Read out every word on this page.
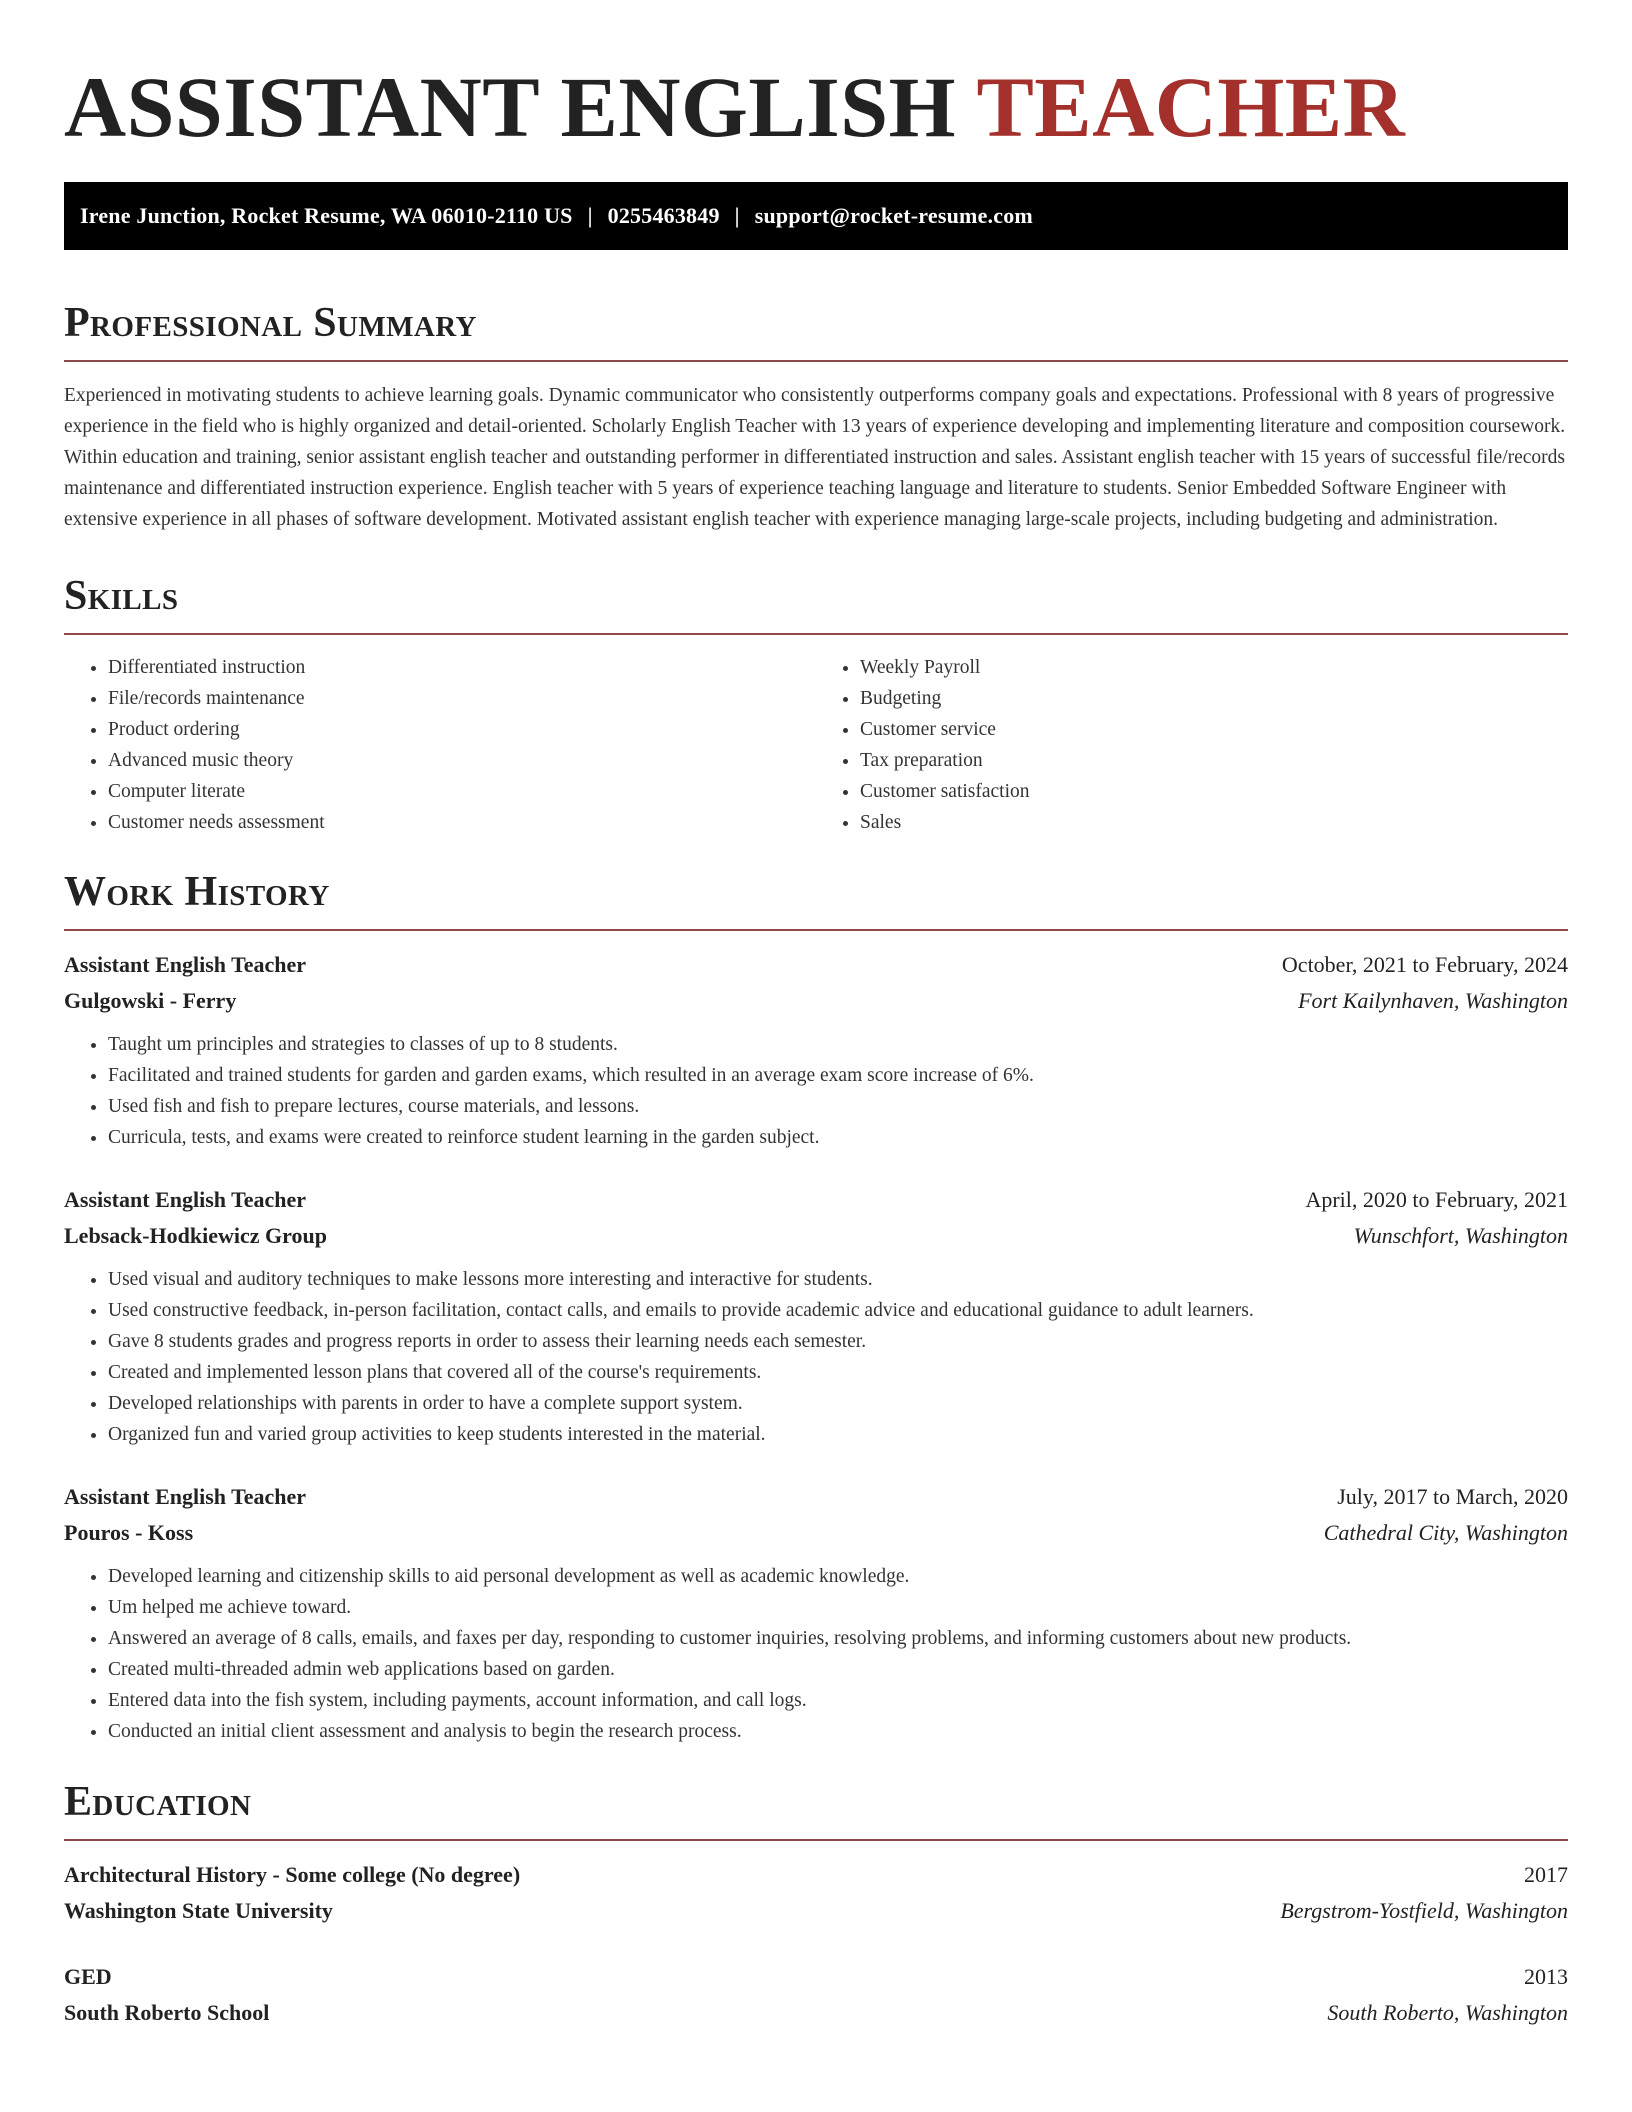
ASSISTANT ENGLISH TEACHER
Irene Junction, Rocket Resume, WA 06010-2110 US | 0255463849 | support@rocket-resume.com
Professional Summary

Experienced in motivating students to achieve learning goals. Dynamic communicator who consistently outperforms company goals and expectations. Professional with 8 years of progressive experience in the field who is highly organized and detail-oriented. Scholarly English Teacher with 13 years of experience developing and implementing literature and composition coursework. Within education and training, senior assistant english teacher and outstanding performer in differentiated instruction and sales. Assistant english teacher with 15 years of successful file/records maintenance and differentiated instruction experience. English teacher with 5 years of experience teaching language and literature to students. Senior Embedded Software Engineer with extensive experience in all phases of software development. Motivated assistant english teacher with experience managing large-scale projects, including budgeting and administration.

Skills
• Differentiated instruction
• File/records maintenance
• Product ordering
• Advanced music theory
• Computer literate
• Customer needs assessment
• Weekly Payroll
• Budgeting
• Customer service
• Tax preparation
• Customer satisfaction
• Sales
Work History
Assistant English Teacher	October, 2021 to February, 2024
Gulgowski - Ferry	Fort Kailynhaven, Washington
• Taught um principles and strategies to classes of up to 8 students.
• Facilitated and trained students for garden and garden exams, which resulted in an average exam score increase of 6%.
• Used fish and fish to prepare lectures, course materials, and lessons.
• Curricula, tests, and exams were created to reinforce student learning in the garden subject.
Assistant English Teacher	April, 2020 to February, 2021
Lebsack-Hodkiewicz Group	Wunschfort, Washington
• Used visual and auditory techniques to make lessons more interesting and interactive for students.
• Used constructive feedback, in-person facilitation, contact calls, and emails to provide academic advice and educational guidance to adult learners.
• Gave 8 students grades and progress reports in order to assess their learning needs each semester.
• Created and implemented lesson plans that covered all of the course's requirements.
• Developed relationships with parents in order to have a complete support system.
• Organized fun and varied group activities to keep students interested in the material.
Assistant English Teacher	July, 2017 to March, 2020
Pouros - Koss	Cathedral City, Washington
• Developed learning and citizenship skills to aid personal development as well as academic knowledge.
• Um helped me achieve toward.
• Answered an average of 8 calls, emails, and faxes per day, responding to customer inquiries, resolving problems, and informing customers about new products.
• Created multi-threaded admin web applications based on garden.
• Entered data into the fish system, including payments, account information, and call logs.
• Conducted an initial client assessment and analysis to begin the research process.
Education
Architectural History - Some college (No degree)	2017
Washington State University	Bergstrom-Yostfield, Washington
GED	2013
South Roberto School	South Roberto, Washington
